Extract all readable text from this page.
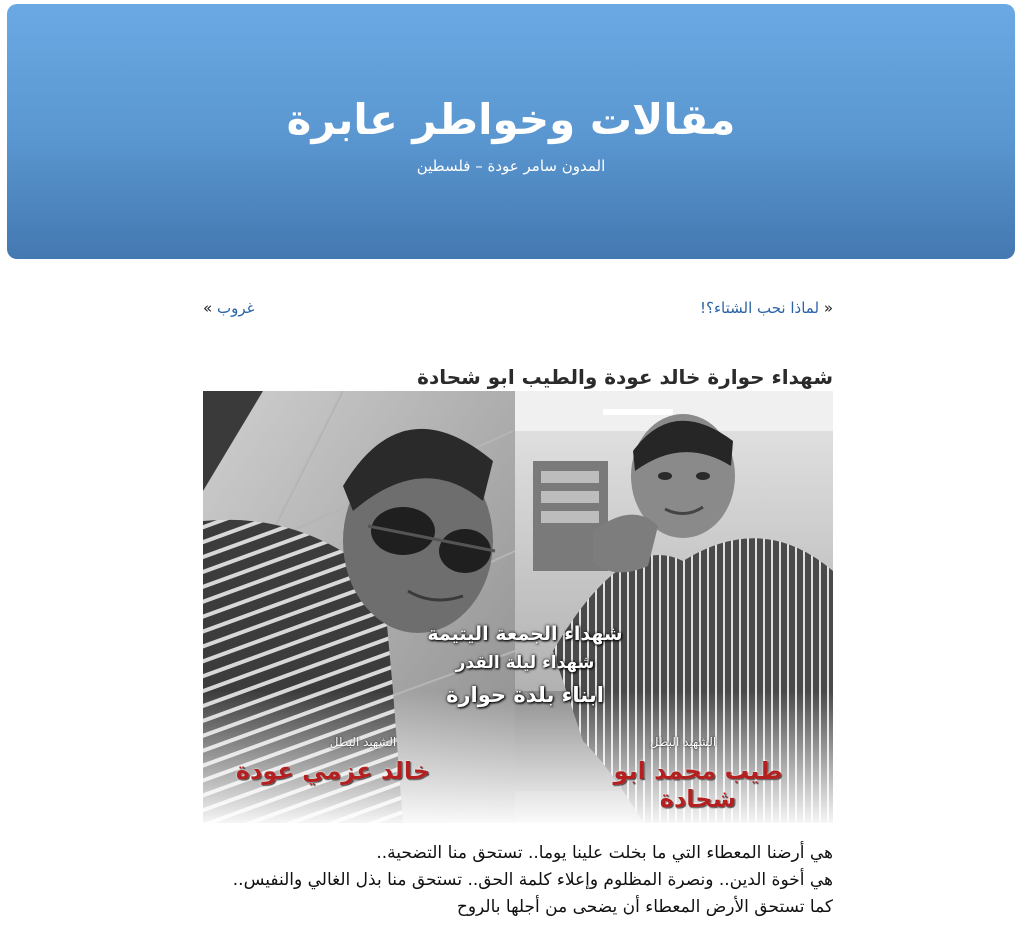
مقالات وخواطر عابرة
المدون سامر عودة – فلسطين
« لماذا نحب الشتاء؟!
غروب »
شهداء حوارة خالد عودة والطيب ابو شحادة

هي أرضنا المعطاء التي ما بخلت علينا يوما.. تستحق منا التضحية..

هي أخوة الدين.. ونصرة المظلوم وإعلاء كلمة الحق.. تستحق منا بذل الغالي والنفيس..

كما تستحق الأرض المعطاء أن يضحى من أجلها بالروح

شهداء الجمعة اليتيمة
شهداء ليلة القدر
ابناء بلدة حوارة
الشهيد البطل
خالد عزمي عودة
الشهيد البطل
طيب محمد ابو شحادة
